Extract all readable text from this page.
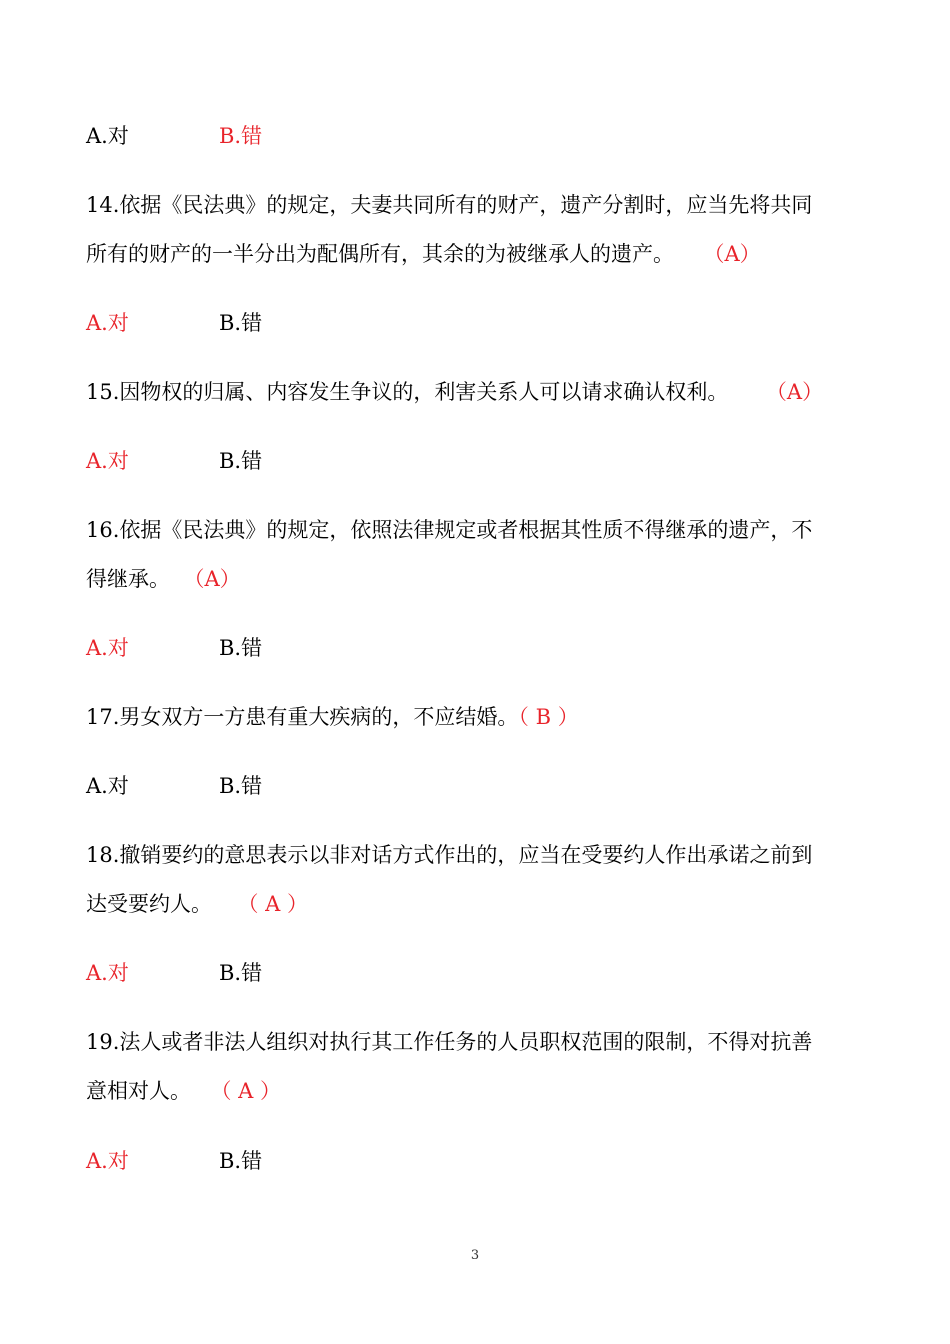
A.对	B.错
14.依据《民法典》的规定，夫妻共同所有的财产，遗产分割时，应当先将共同
所有的财产的一半分出为配偶所有，其余的为被继承人的遗产。 （A）
A.对	B.错
15.因物权的归属、内容发生争议的，利害关系人可以请求确认权利。 （A）
A.对	B.错
16.依据《民法典》的规定，依照法律规定或者根据其性质不得继承的遗产，不
得继承。 （A）
A.对	B.错
17.男女双方一方患有重大疾病的，不应结婚。（ B ）
A.对	B.错
18.撤销要约的意思表示以非对话方式作出的，应当在受要约人作出承诺之前到
达受要约人。 （ A ）
A.对	B.错
19.法人或者非法人组织对执行其工作任务的人员职权范围的限制，不得对抗善
意相对人。 （ A ）
A.对	B.错
3
